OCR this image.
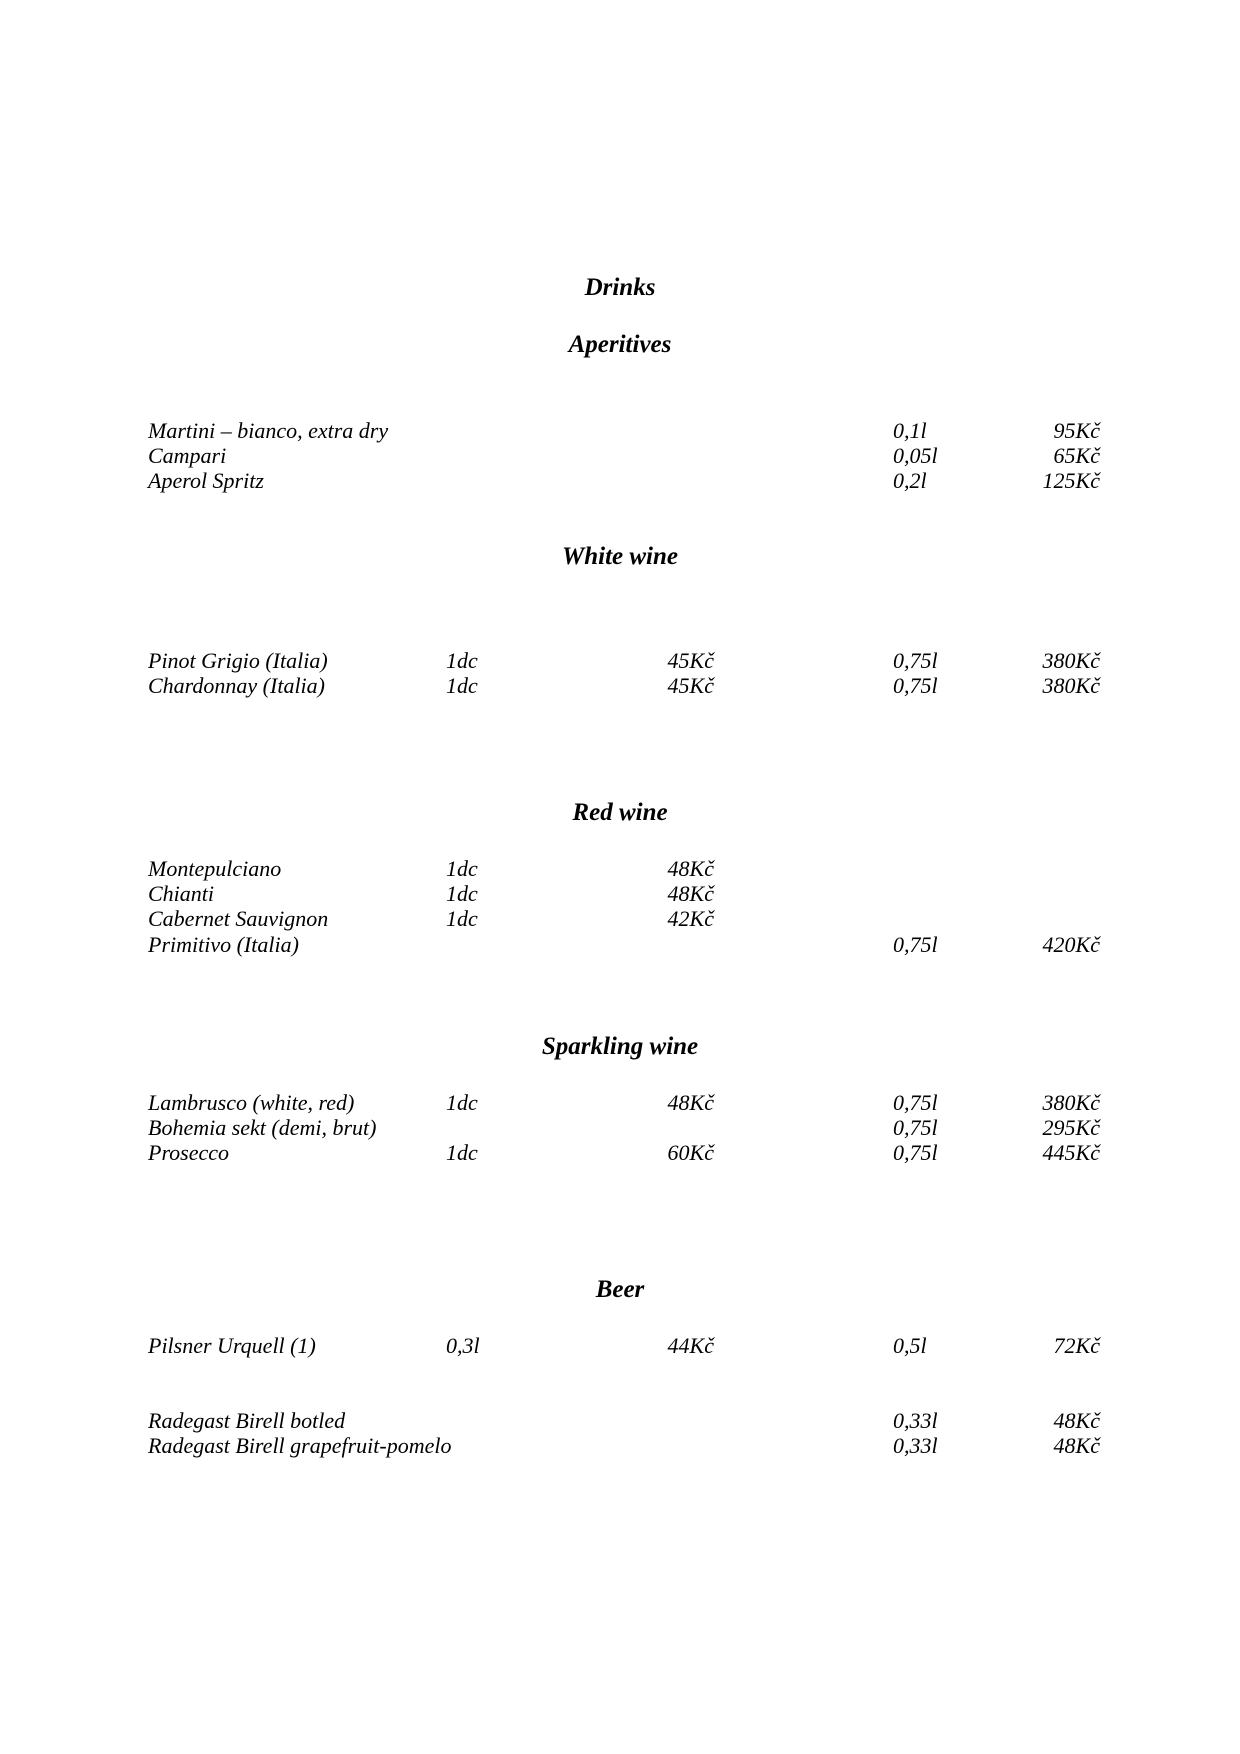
Drinks
Aperitives
Martini – bianco, extra dry	0,1l	95Kč
Campari	0,05l	65Kč
Aperol Spritz	0,2l	125Kč
White wine
Pinot Grigio (Italia)	1dc	45Kč	0,75l	380Kč
Chardonnay (Italia)	1dc	45Kč	0,75l	380Kč
Red wine
Montepulciano	1dc	48Kč
Chianti	1dc	48Kč
Cabernet Sauvignon	1dc	42Kč
Primitivo (Italia)	0,75l	420Kč
Sparkling wine
Lambrusco (white, red)	1dc	48Kč	0,75l	380Kč
Bohemia sekt (demi, brut)	0,75l	295Kč
Prosecco	1dc	60Kč	0,75l	445Kč
Beer
Pilsner Urquell (1)	0,3l	44Kč	0,5l	72Kč
Radegast Birell botled	0,33l	48Kč
Radegast Birell grapefruit-pomelo	0,33l	48Kč
